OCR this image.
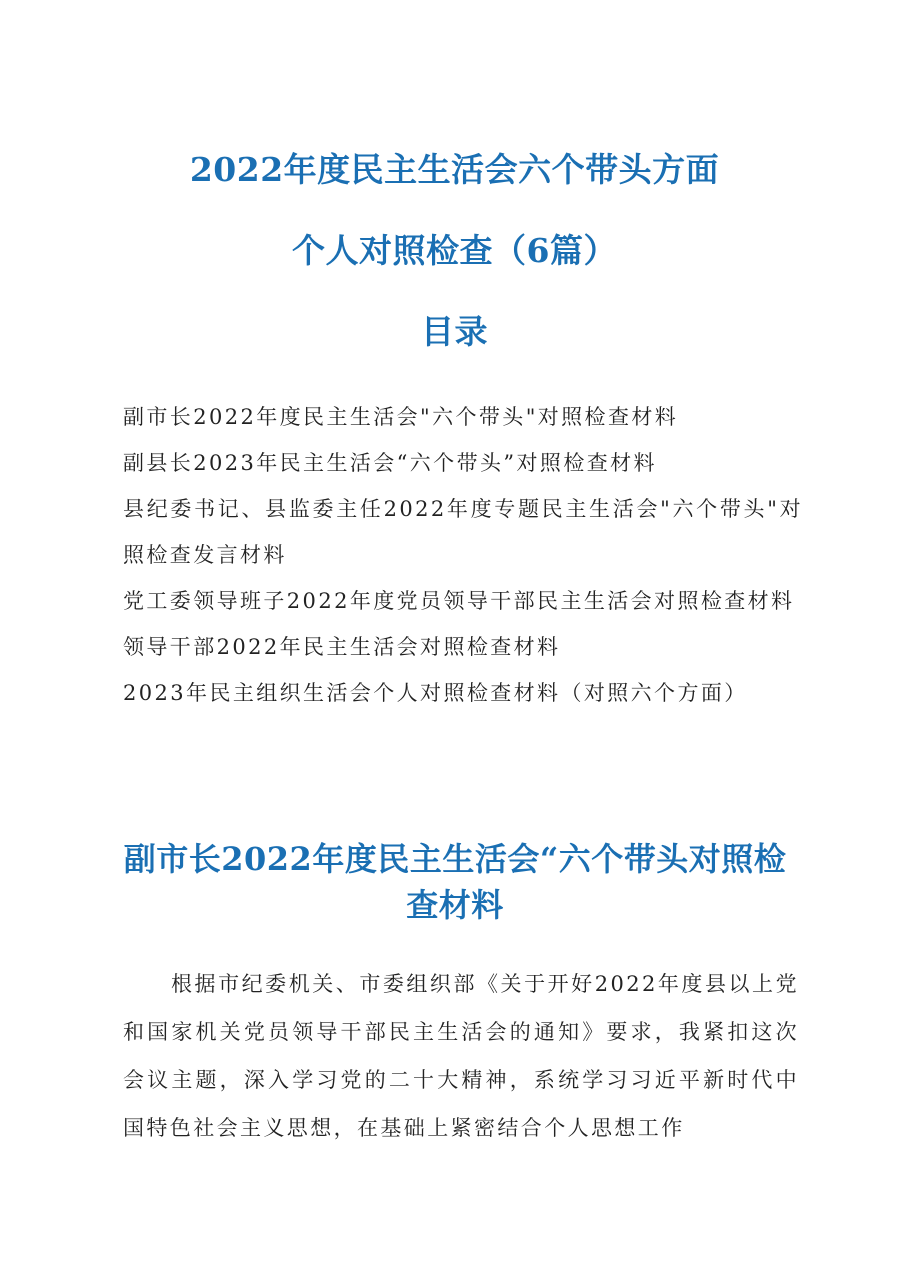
2022年度民主生活会六个带头方面
个人对照检查（6篇）
目录
副市长2022年度民主生活会"六个带头"对照检查材料
副县长2023年民主生活会“六个带头”对照检查材料
县纪委书记、县监委主任2022年度专题民主生活会"六个带头"对照检查发言材料
党工委领导班子2022年度党员领导干部民主生活会对照检查材料
领导干部2022年民主生活会对照检查材料
2023年民主组织生活会个人对照检查材料（对照六个方面）
副市长2022年度民主生活会“六个带头对照检查材料
根据市纪委机关、市委组织部《关于开好2022年度县以上党和国家机关党员领导干部民主生活会的通知》要求，我紧扣这次会议主题，深入学习党的二十大精神，系统学习习近平新时代中国特色社会主义思想，在基础上紧密结合个人思想工作
